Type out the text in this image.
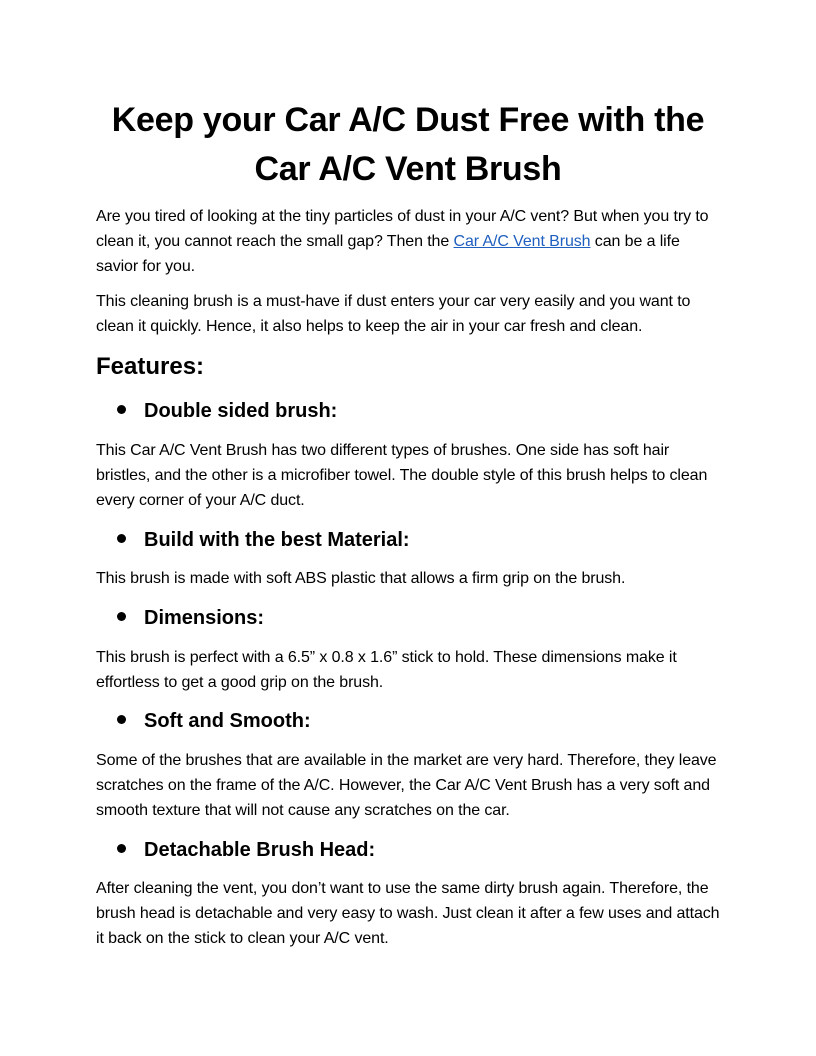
Keep your Car A/C Dust Free with the
Car A/C Vent Brush
Are you tired of looking at the tiny particles of dust in your A/C vent? But when you try to clean it, you cannot reach the small gap? Then the Car A/C Vent Brush can be a life savior for you.
This cleaning brush is a must-have if dust enters your car very easily and you want to clean it quickly. Hence, it also helps to keep the air in your car fresh and clean.
Features:
Double sided brush:
This Car A/C Vent Brush has two different types of brushes. One side has soft hair bristles, and the other is a microfiber towel. The double style of this brush helps to clean every corner of your A/C duct.
Build with the best Material:
This brush is made with soft ABS plastic that allows a firm grip on the brush.
Dimensions:
This brush is perfect with a 6.5” x 0.8 x 1.6” stick to hold. These dimensions make it effortless to get a good grip on the brush.
Soft and Smooth:
Some of the brushes that are available in the market are very hard. Therefore, they leave scratches on the frame of the A/C. However, the Car A/C Vent Brush has a very soft and smooth texture that will not cause any scratches on the car.
Detachable Brush Head:
After cleaning the vent, you don’t want to use the same dirty brush again. Therefore, the brush head is detachable and very easy to wash. Just clean it after a few uses and attach it back on the stick to clean your A/C vent.
